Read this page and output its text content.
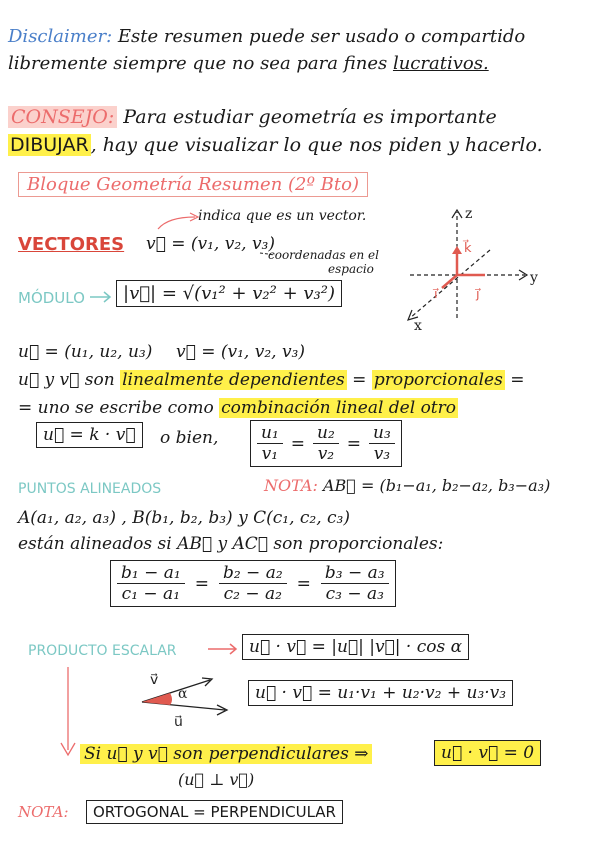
Disclaimer: Este resumen puede ser usado o compartido
libremente siempre que no sea para fines lucrativos.
CONSEJO: Para estudiar geometría es importante
DIBUJAR , hay que visualizar lo que nos piden y hacerlo.
Bloque Geometría Resumen (2º Bto)
VECTORES v⃗ = (v₁, v₂, v₃)
indica que es un vector.
coordenadas en el
espacio
MÓDULO	|v⃗| = √(v₁² + v₂² + v₃²)
z
y
x
k⃗
i⃗	j⃗
u⃗ = (u₁, u₂, u₃) v⃗ = (v₁, v₂, v₃)
u⃗ y v⃗ son linealmente dependientes = proporcionales =
= uno se escribe como combinación lineal del otro
u⃗ = k · v⃗	o bien, $\frac{\text{u₁}}{\text{v₁}} = \frac{\text{u₂}}{\text{v₂}} = \frac{\text{u₃}}{\text{v₃}}$
PUNTOS ALINEADOS	NOTA: AB⃗ = (b₁−a₁, b₂−a₂, b₃−a₃)
A(a₁, a₂, a₃) , B(b₁, b₂, b₃) y C(c₁, c₂, c₃)
están alineados si AB⃗ y AC⃗ son proporcionales:
$\frac{\text{b₁ − a₁}}{\text{c₁ − a₁}} = \frac{\text{b₂ − a₂}}{\text{c₂ − a₂}} = \frac{\text{b₃ − a₃}}{\text{c₃ − a₃}}$
PRODUCTO ESCALAR	u⃗ · v⃗ = |u⃗| |v⃗| · cos α
v⃗
u⃗
α	u⃗ · v⃗ = u₁·v₁ + u₂·v₂ + u₃·v₃
Si u⃗ y v⃗ son perpendiculares ⇒	u⃗ · v⃗ = 0
(u⃗ ⊥ v⃗)
NOTA:	ORTOGONAL = PERPENDICULAR
